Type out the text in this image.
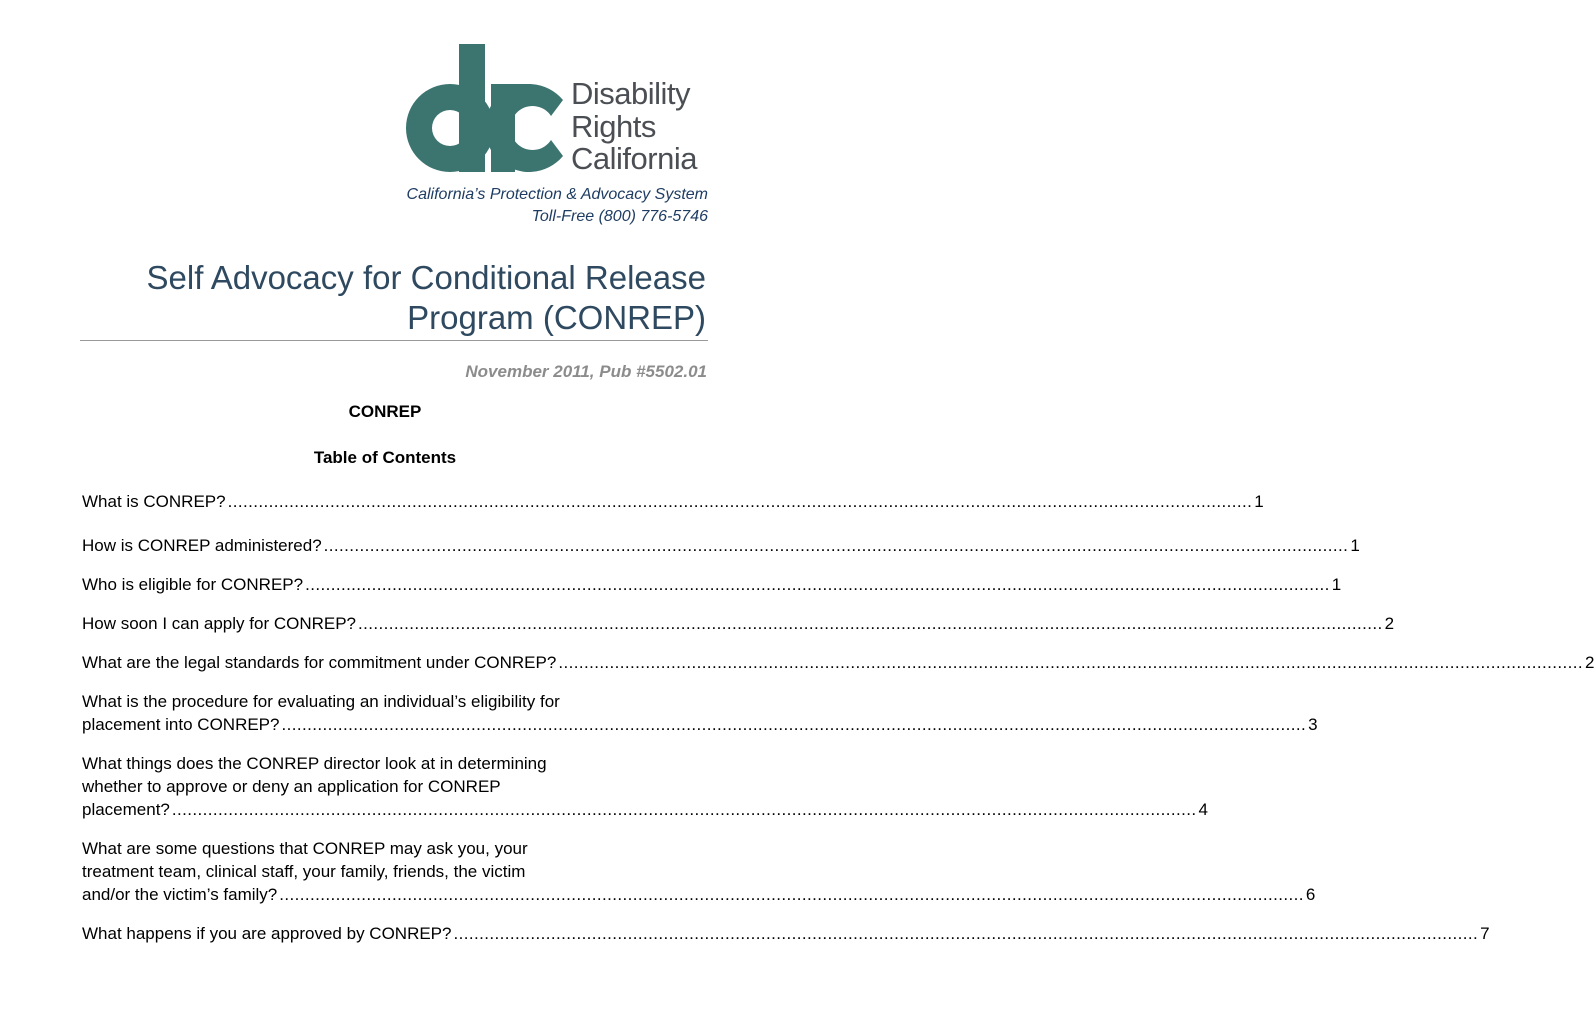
Disability
Rights
California
California’s Protection & Advocacy System
Toll-Free (800) 776-5746
Self Advocacy for Conditional Release
Program (CONREP)
November 2011, Pub #5502.01
CONREP
Table of Contents
What is CONREP? ........................................................................................................................................................................................................ 1
How is CONREP administered? ........................................................................................................................................................................................................ 1
Who is eligible for CONREP? ........................................................................................................................................................................................................ 1
How soon I can apply for CONREP? ........................................................................................................................................................................................................ 2
What are the legal standards for commitment under CONREP? ........................................................................................................................................................................................................ 2
What is the procedure for evaluating an individual’s eligibility for
placement into CONREP? ........................................................................................................................................................................................................ 3
What things does the CONREP director look at in determining
whether to approve or deny an application for CONREP
placement? ........................................................................................................................................................................................................ 4
What are some questions that CONREP may ask you, your
treatment team, clinical staff, your family, friends, the victim
and/or the victim’s family? ........................................................................................................................................................................................................ 6
What happens if you are approved by CONREP? ........................................................................................................................................................................................................ 7
